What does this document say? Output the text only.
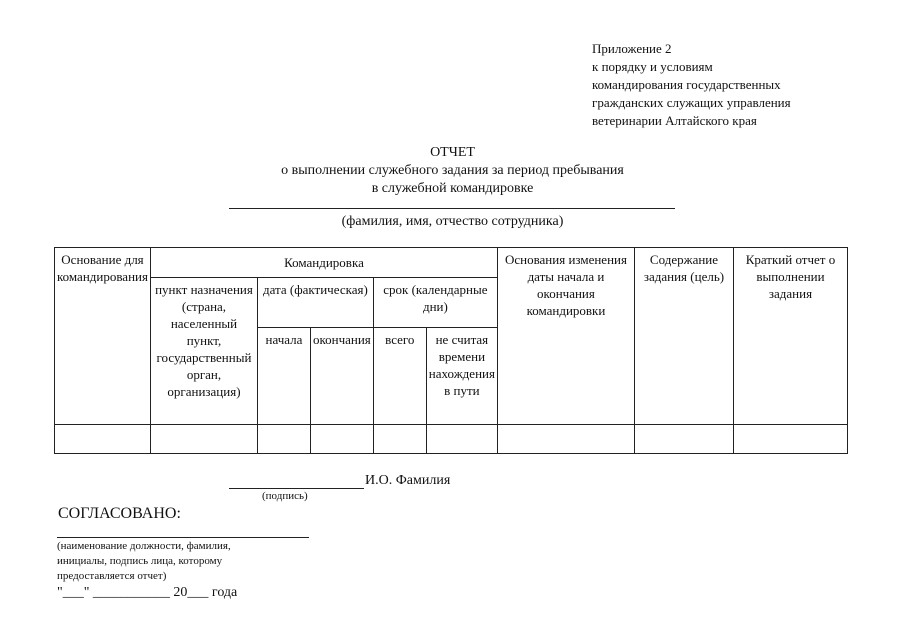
Приложение 2
к порядку и условиям
командирования государственных
гражданских служащих управления
ветеринарии Алтайского края
ОТЧЕТ
о выполнении служебного задания за период пребывания
в служебной командировке
(фамилия, имя, отчество сотрудника)
Основание для командирования	Командировка					Основания изменения даты начала и окончания командировки	Содержание задания (цель)	Краткий отчет о выполнении задания
	пункт назначения (страна, населенный пункт, государственный орган, организация)	дата (фактическая)		срок (календарные дни)				
		начала	окончания	всего	не считая времени нахождения в пути			

И.О. Фамилия
(подпись)
СОГЛАСОВАНО:
(наименование должности, фамилия,
инициалы, подпись лица, которому
предоставляется отчет)
"___" ___________ 20___ года
